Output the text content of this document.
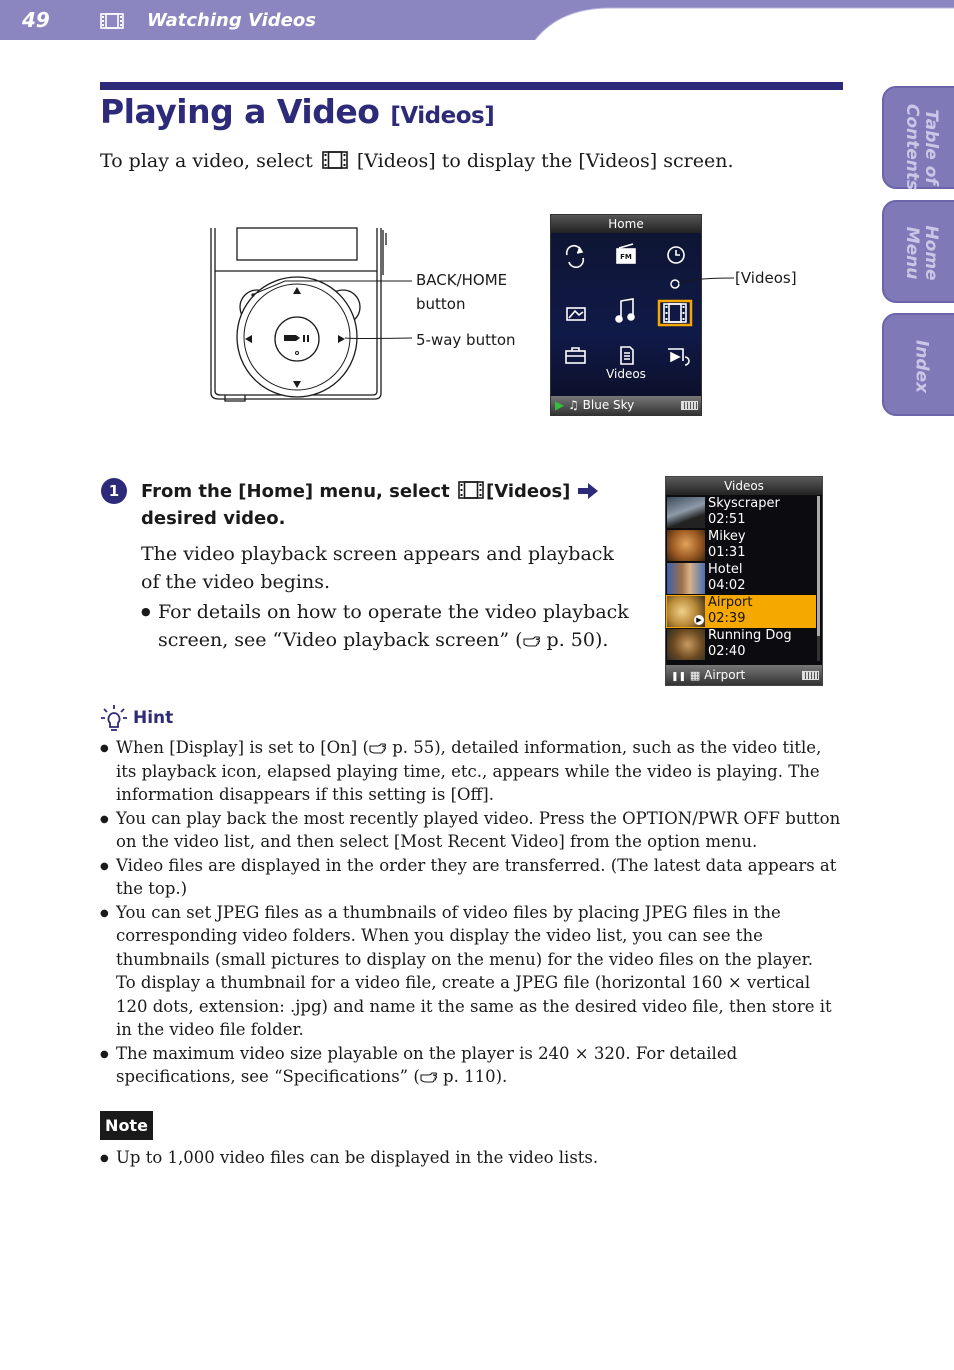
49	Watching Videos
Table of
Contents
Home
Menu
Index
Playing a Video [Videos]
To play a video, select [Videos] to display the [Videos] screen.
BACK/HOME
button
5-way button
Home
FM
Videos
▶ ♫ Blue Sky
[Videos]
1	From the [Home] menu, select [Videos]
desired video.
The video playback screen appears and playback of the video begins.
● For details on how to operate the video playback screen, see “Video playback screen” ( p. 50).
Videos
Skyscraper
02:51
Mikey
01:31
Hotel
04:02
▶
Airport
02:39
Running Dog
02:40
❚❚ ▦ Airport
Hint
● When [Display] is set to [On] ( p. 55), detailed information, such as the video title, its playback icon, elapsed playing time, etc., appears while the video is playing. The information disappears if this setting is [Off].
● You can play back the most recently played video. Press the OPTION/PWR OFF button on the video list, and then select [Most Recent Video] from the option menu.
● Video files are displayed in the order they are transferred. (The latest data appears at the top.)
● You can set JPEG files as a thumbnails of video files by placing JPEG files in the corresponding video folders. When you display the video list, you can see the thumbnails (small pictures to display on the menu) for the video files on the player.
To display a thumbnail for a video file, create a JPEG file (horizontal 160 × vertical 120 dots, extension: .jpg) and name it the same as the desired video file, then store it in the video file folder.
● The maximum video size playable on the player is 240 × 320. For detailed specifications, see “Specifications” ( p. 110).
Note
● Up to 1,000 video files can be displayed in the video lists.
